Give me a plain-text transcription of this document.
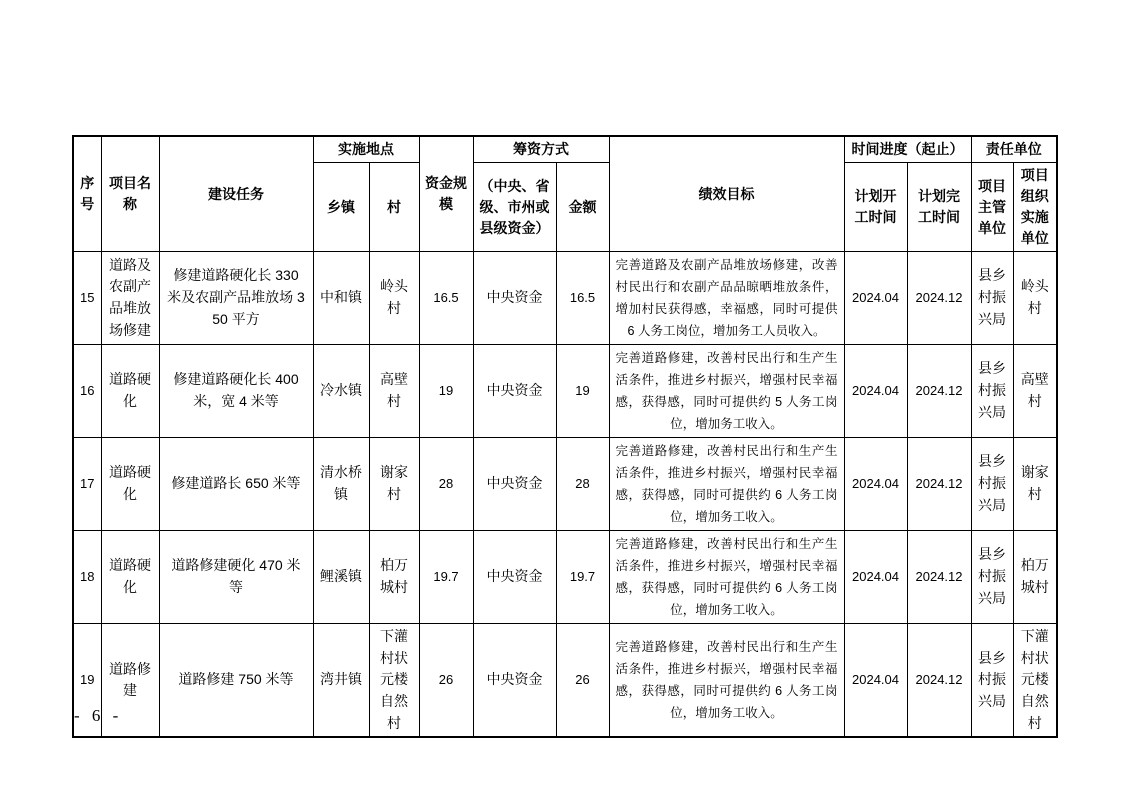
序号	项目名称	建设任务	实施地点		资金规模	筹资方式		绩效目标	时间进度（起止）		责任单位	
			乡镇	村		（中央、省级、市州或县级资金）	金额		计划开工时间	计划完工时间	项目主管单位	项目组织实施单位
15	道路及农副产品堆放场修建	修建道路硬化长 330 米及农副产品堆放场 350 平方	中和镇	岭头村	16.5	中央资金	16.5	完善道路及农副产品堆放场修建，改善村民出行和农副产品品晾晒堆放条件，增加村民获得感，幸福感，同时可提供 6 人务工岗位，增加务工人员收入。	2024.04	2024.12	县乡村振兴局	岭头村
16	道路硬化	修建道路硬化长 400 米，宽 4 米等	冷水镇	高壁村	19	中央资金	19	完善道路修建，改善村民出行和生产生活条件，推进乡村振兴，增强村民幸福感，获得感，同时可提供约 5 人务工岗位，增加务工收入。	2024.04	2024.12	县乡村振兴局	高壁村
17	道路硬化	修建道路长 650 米等	清水桥镇	谢家村	28	中央资金	28	完善道路修建，改善村民出行和生产生活条件，推进乡村振兴，增强村民幸福感，获得感，同时可提供约 6 人务工岗位，增加务工收入。	2024.04	2024.12	县乡村振兴局	谢家村
18	道路硬化	道路修建硬化 470 米等	鲤溪镇	柏万城村	19.7	中央资金	19.7	完善道路修建，改善村民出行和生产生活条件，推进乡村振兴，增强村民幸福感，获得感，同时可提供约 6 人务工岗位，增加务工收入。	2024.04	2024.12	县乡村振兴局	柏万城村
19	道路修建	道路修建 750 米等	湾井镇	下灌村状元楼自然村	26	中央资金	26	完善道路修建，改善村民出行和生产生活条件，推进乡村振兴，增强村民幸福感，获得感，同时可提供约 6 人务工岗位，增加务工收入。	2024.04	2024.12	县乡村振兴局	下灌村状元楼自然村
- 6 -
